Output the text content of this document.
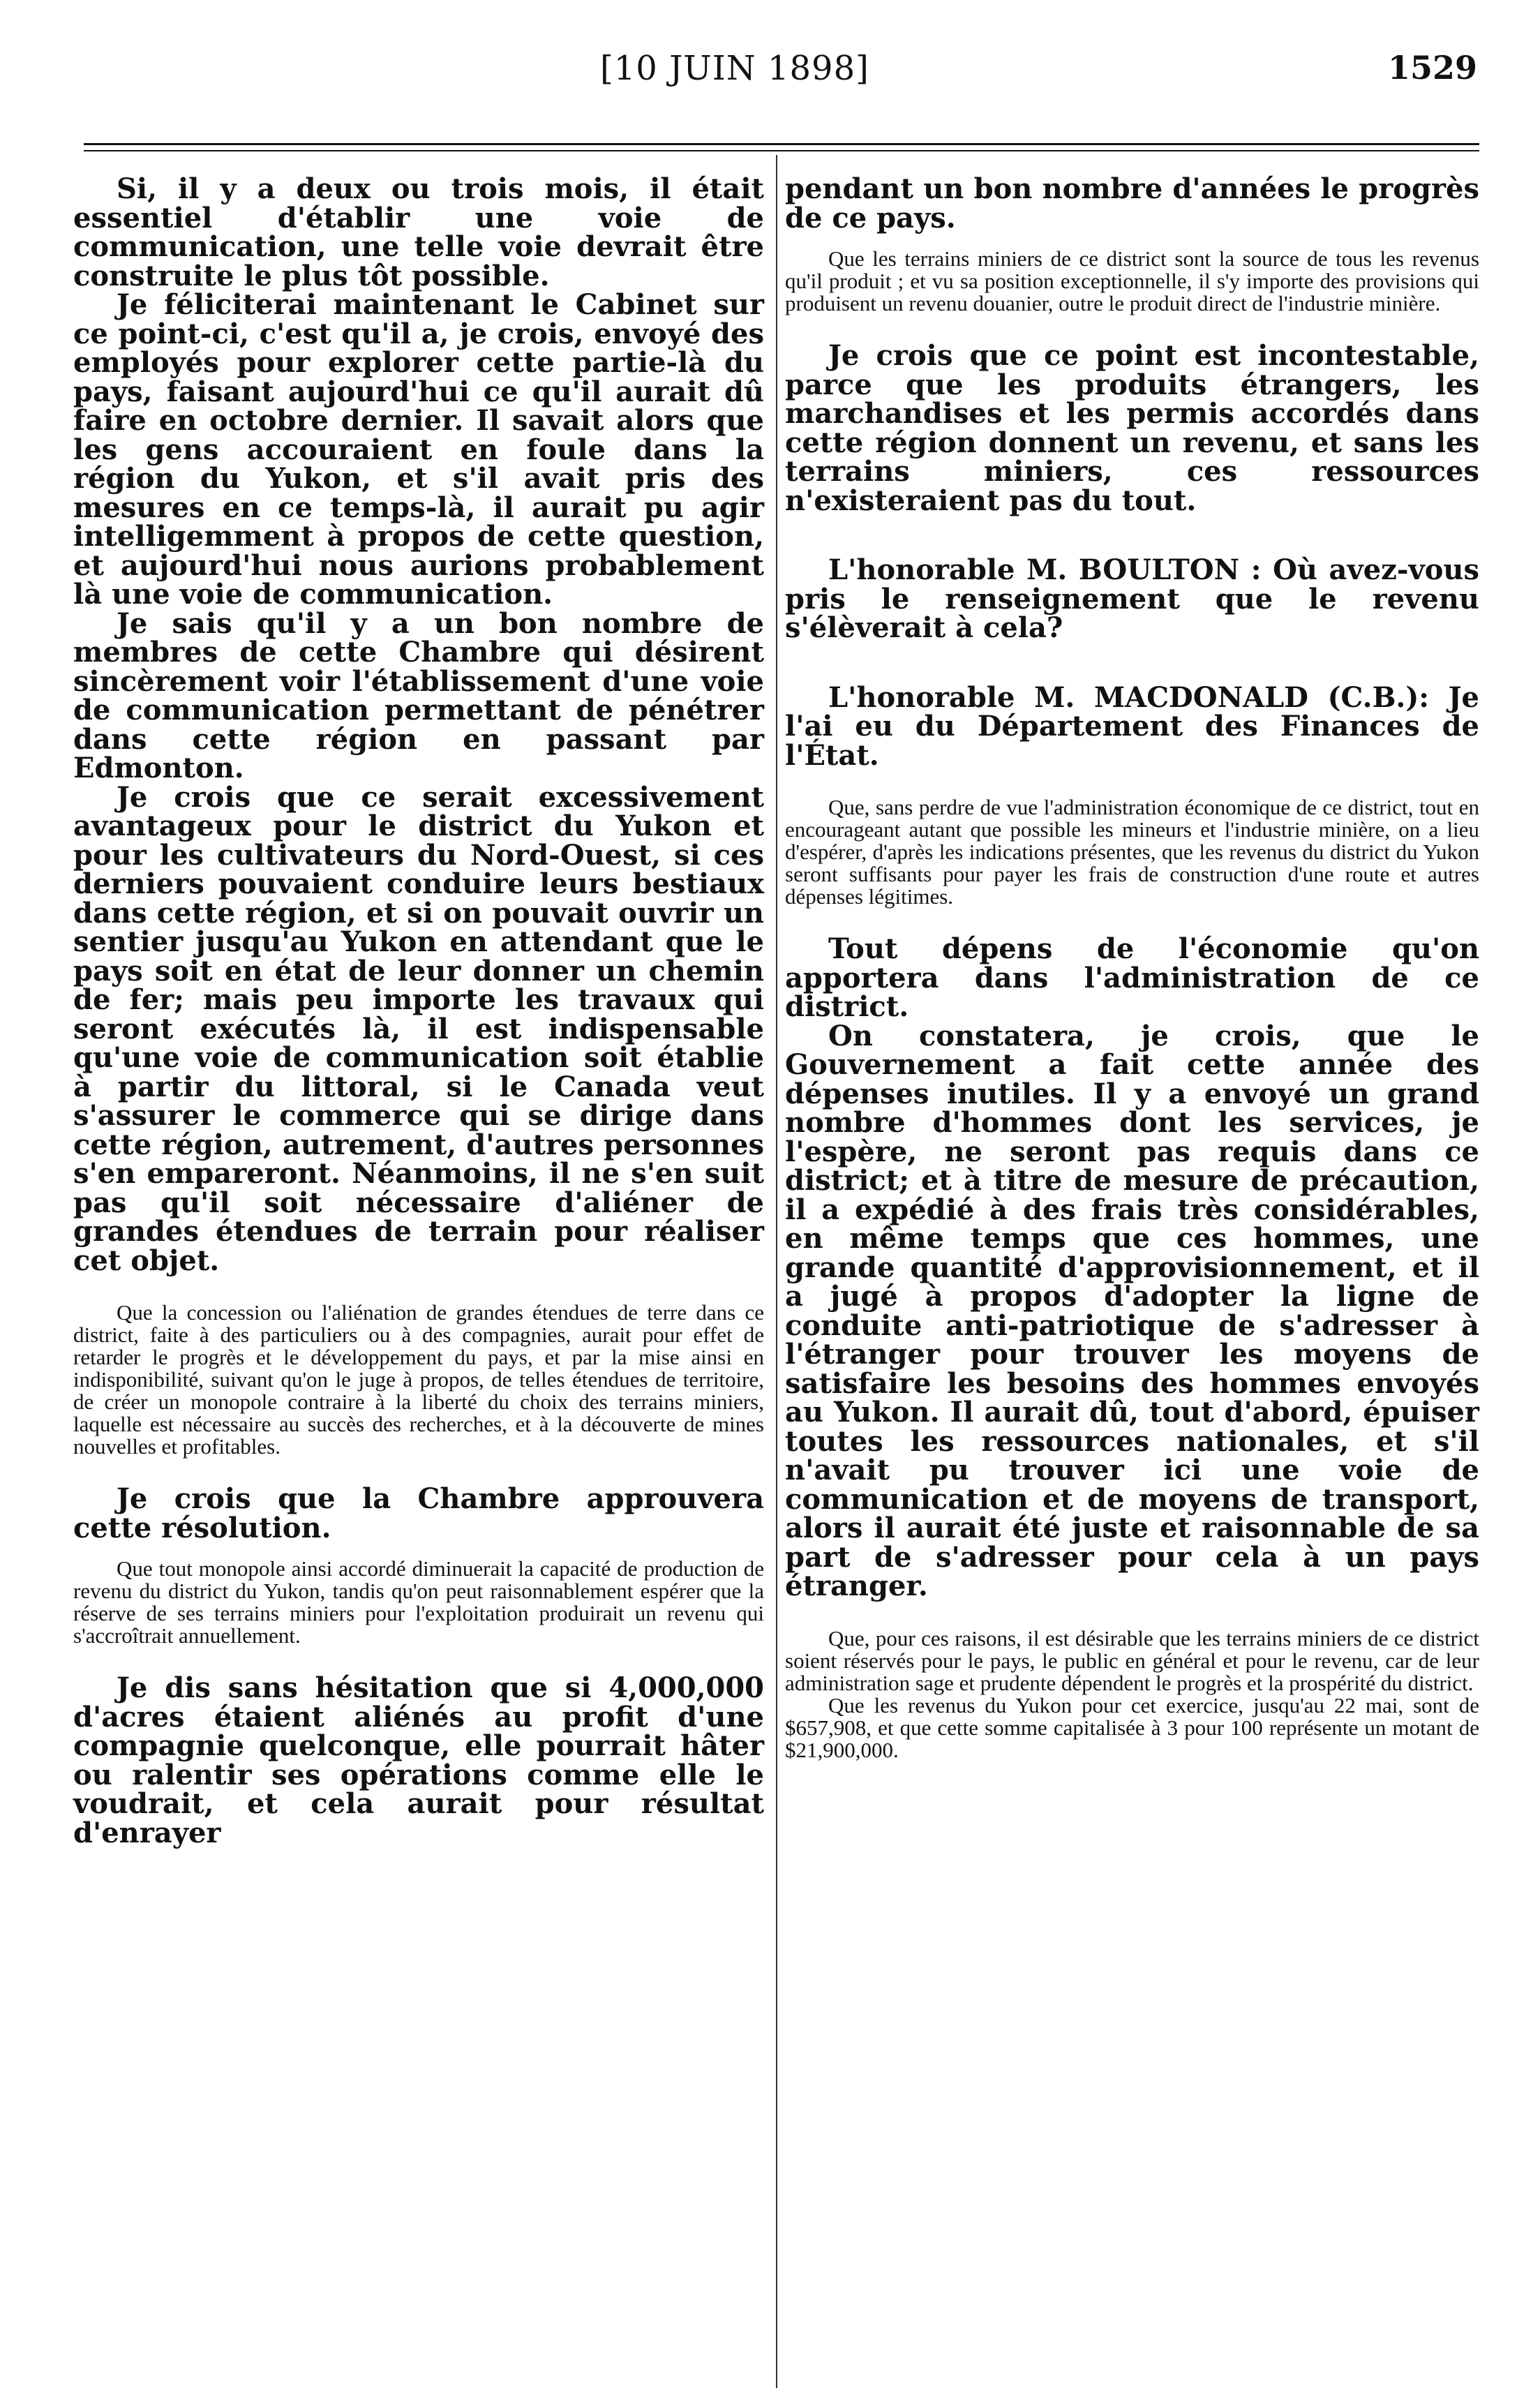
[10 JUIN 1898]	1529

Si, il y a deux ou trois mois, il était essentiel d'établir une voie de communication, une telle voie devrait être construite le plus tôt possible.

Je féliciterai maintenant le Cabinet sur ce point-ci, c'est qu'il a, je crois, envoyé des employés pour explorer cette partie-là du pays, faisant aujourd'hui ce qu'il aurait dû faire en octobre dernier. Il savait alors que les gens accouraient en foule dans la région du Yukon, et s'il avait pris des mesures en ce temps-là, il aurait pu agir intelligemment à propos de cette question, et aujourd'hui nous aurions probablement là une voie de communication.

Je sais qu'il y a un bon nombre de membres de cette Chambre qui désirent sincèrement voir l'établissement d'une voie de communication permettant de pénétrer dans cette région en passant par Edmonton.

Je crois que ce serait excessivement avantageux pour le district du Yukon et pour les cultivateurs du Nord-Ouest, si ces derniers pouvaient conduire leurs bestiaux dans cette région, et si on pouvait ouvrir un sentier jusqu'au Yukon en attendant que le pays soit en état de leur donner un chemin de fer; mais peu importe les travaux qui seront exécutés là, il est indispensable qu'une voie de communication soit établie à partir du littoral, si le Canada veut s'assurer le commerce qui se dirige dans cette région, autrement, d'autres personnes s'en empareront. Néanmoins, il ne s'en suit pas qu'il soit nécessaire d'aliéner de grandes étendues de terrain pour réaliser cet objet.

Que la concession ou l'aliénation de grandes étendues de terre dans ce district, faite à des particuliers ou à des compagnies, aurait pour effet de retarder le progrès et le développement du pays, et par la mise ainsi en indisponibilité, suivant qu'on le juge à propos, de telles étendues de territoire, de créer un monopole contraire à la liberté du choix des terrains miniers, laquelle est nécessaire au succès des recherches, et à la découverte de mines nouvelles et profitables.

Je crois que la Chambre approuvera cette résolution.

Que tout monopole ainsi accordé diminuerait la capacité de production de revenu du district du Yukon, tandis qu'on peut raisonnablement espérer que la réserve de ses terrains miniers pour l'exploitation produirait un revenu qui s'accroîtrait annuellement.

Je dis sans hésitation que si 4,000,000 d'acres étaient aliénés au profit d'une compagnie quelconque, elle pourrait hâter ou ralentir ses opérations comme elle le voudrait, et cela aurait pour résultat d'enrayer

pendant un bon nombre d'années le progrès de ce pays.

Que les terrains miniers de ce district sont la source de tous les revenus qu'il produit ; et vu sa position exceptionnelle, il s'y importe des provisions qui produisent un revenu douanier, outre le produit direct de l'industrie minière.

Je crois que ce point est incontestable, parce que les produits étrangers, les marchandises et les permis accordés dans cette région donnent un revenu, et sans les terrains miniers, ces ressources n'existeraient pas du tout.

L'honorable M. BOULTON : Où avez-vous pris le renseignement que le revenu s'élèverait à cela?

L'honorable M. MACDONALD (C.B.): Je l'ai eu du Département des Finances de l'État.

Que, sans perdre de vue l'administration économique de ce district, tout en encourageant autant que possible les mineurs et l'industrie minière, on a lieu d'espérer, d'après les indications présentes, que les revenus du district du Yukon seront suffisants pour payer les frais de construction d'une route et autres dépenses légitimes.

Tout dépens de l'économie qu'on apportera dans l'administration de ce district.

On constatera, je crois, que le Gouvernement a fait cette année des dépenses inutiles. Il y a envoyé un grand nombre d'hommes dont les services, je l'espère, ne seront pas requis dans ce district; et à titre de mesure de précaution, il a expédié à des frais très considérables, en même temps que ces hommes, une grande quantité d'approvisionnement, et il a jugé à propos d'adopter la ligne de conduite anti-patriotique de s'adresser à l'étranger pour trouver les moyens de satisfaire les besoins des hommes envoyés au Yukon. Il aurait dû, tout d'abord, épuiser toutes les ressources nationales, et s'il n'avait pu trouver ici une voie de communication et de moyens de transport, alors il aurait été juste et raisonnable de sa part de s'adresser pour cela à un pays étranger.

Que, pour ces raisons, il est désirable que les terrains miniers de ce district soient réservés pour le pays, le public en général et pour le revenu, car de leur administration sage et prudente dépendent le progrès et la prospérité du district.

Que les revenus du Yukon pour cet exercice, jusqu'au 22 mai, sont de $657,908, et que cette somme capitalisée à 3 pour 100 représente un motant de $21,900,000.
